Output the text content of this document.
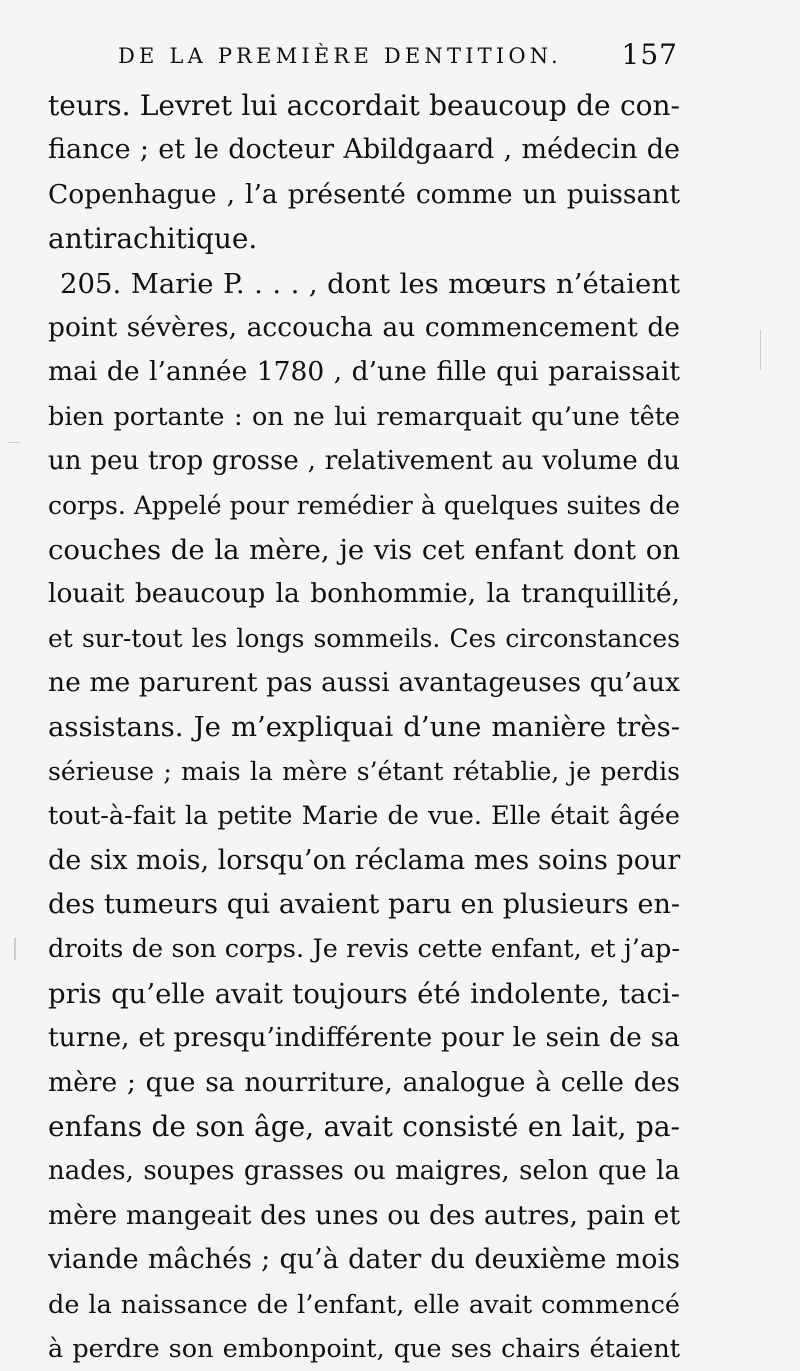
DE LA PREMIÈRE DENTITION. 157
teurs. Levret lui accordait beaucoup de con-
fiance ; et le docteur Abildgaard , médecin de
Copenhague , l’a présenté comme un puissant
antirachitique.
205. Marie P. . . . , dont les mœurs n’étaient
point sévères, accoucha au commencement de
mai de l’année 1780 , d’une fille qui paraissait
bien portante : on ne lui remarquait qu’une tête
un peu trop grosse , relativement au volume du
corps. Appelé pour remédier à quelques suites de
couches de la mère, je vis cet enfant dont on
louait beaucoup la bonhommie, la tranquillité,
et sur-tout les longs sommeils. Ces circonstances
ne me parurent pas aussi avantageuses qu’aux
assistans. Je m’expliquai d’une manière très-
sérieuse ; mais la mère s’étant rétablie, je perdis
tout-à-fait la petite Marie de vue. Elle était âgée
de six mois, lorsqu’on réclama mes soins pour
des tumeurs qui avaient paru en plusieurs en-
droits de son corps. Je revis cette enfant, et j’ap-
pris qu’elle avait toujours été indolente, taci-
turne, et presqu’indifférente pour le sein de sa
mère ; que sa nourriture, analogue à celle des
enfans de son âge, avait consisté en lait, pa-
nades, soupes grasses ou maigres, selon que la
mère mangeait des unes ou des autres, pain et
viande mâchés ; qu’à dater du deuxième mois
de la naissance de l’enfant, elle avait commencé
à perdre son embonpoint, que ses chairs étaient
